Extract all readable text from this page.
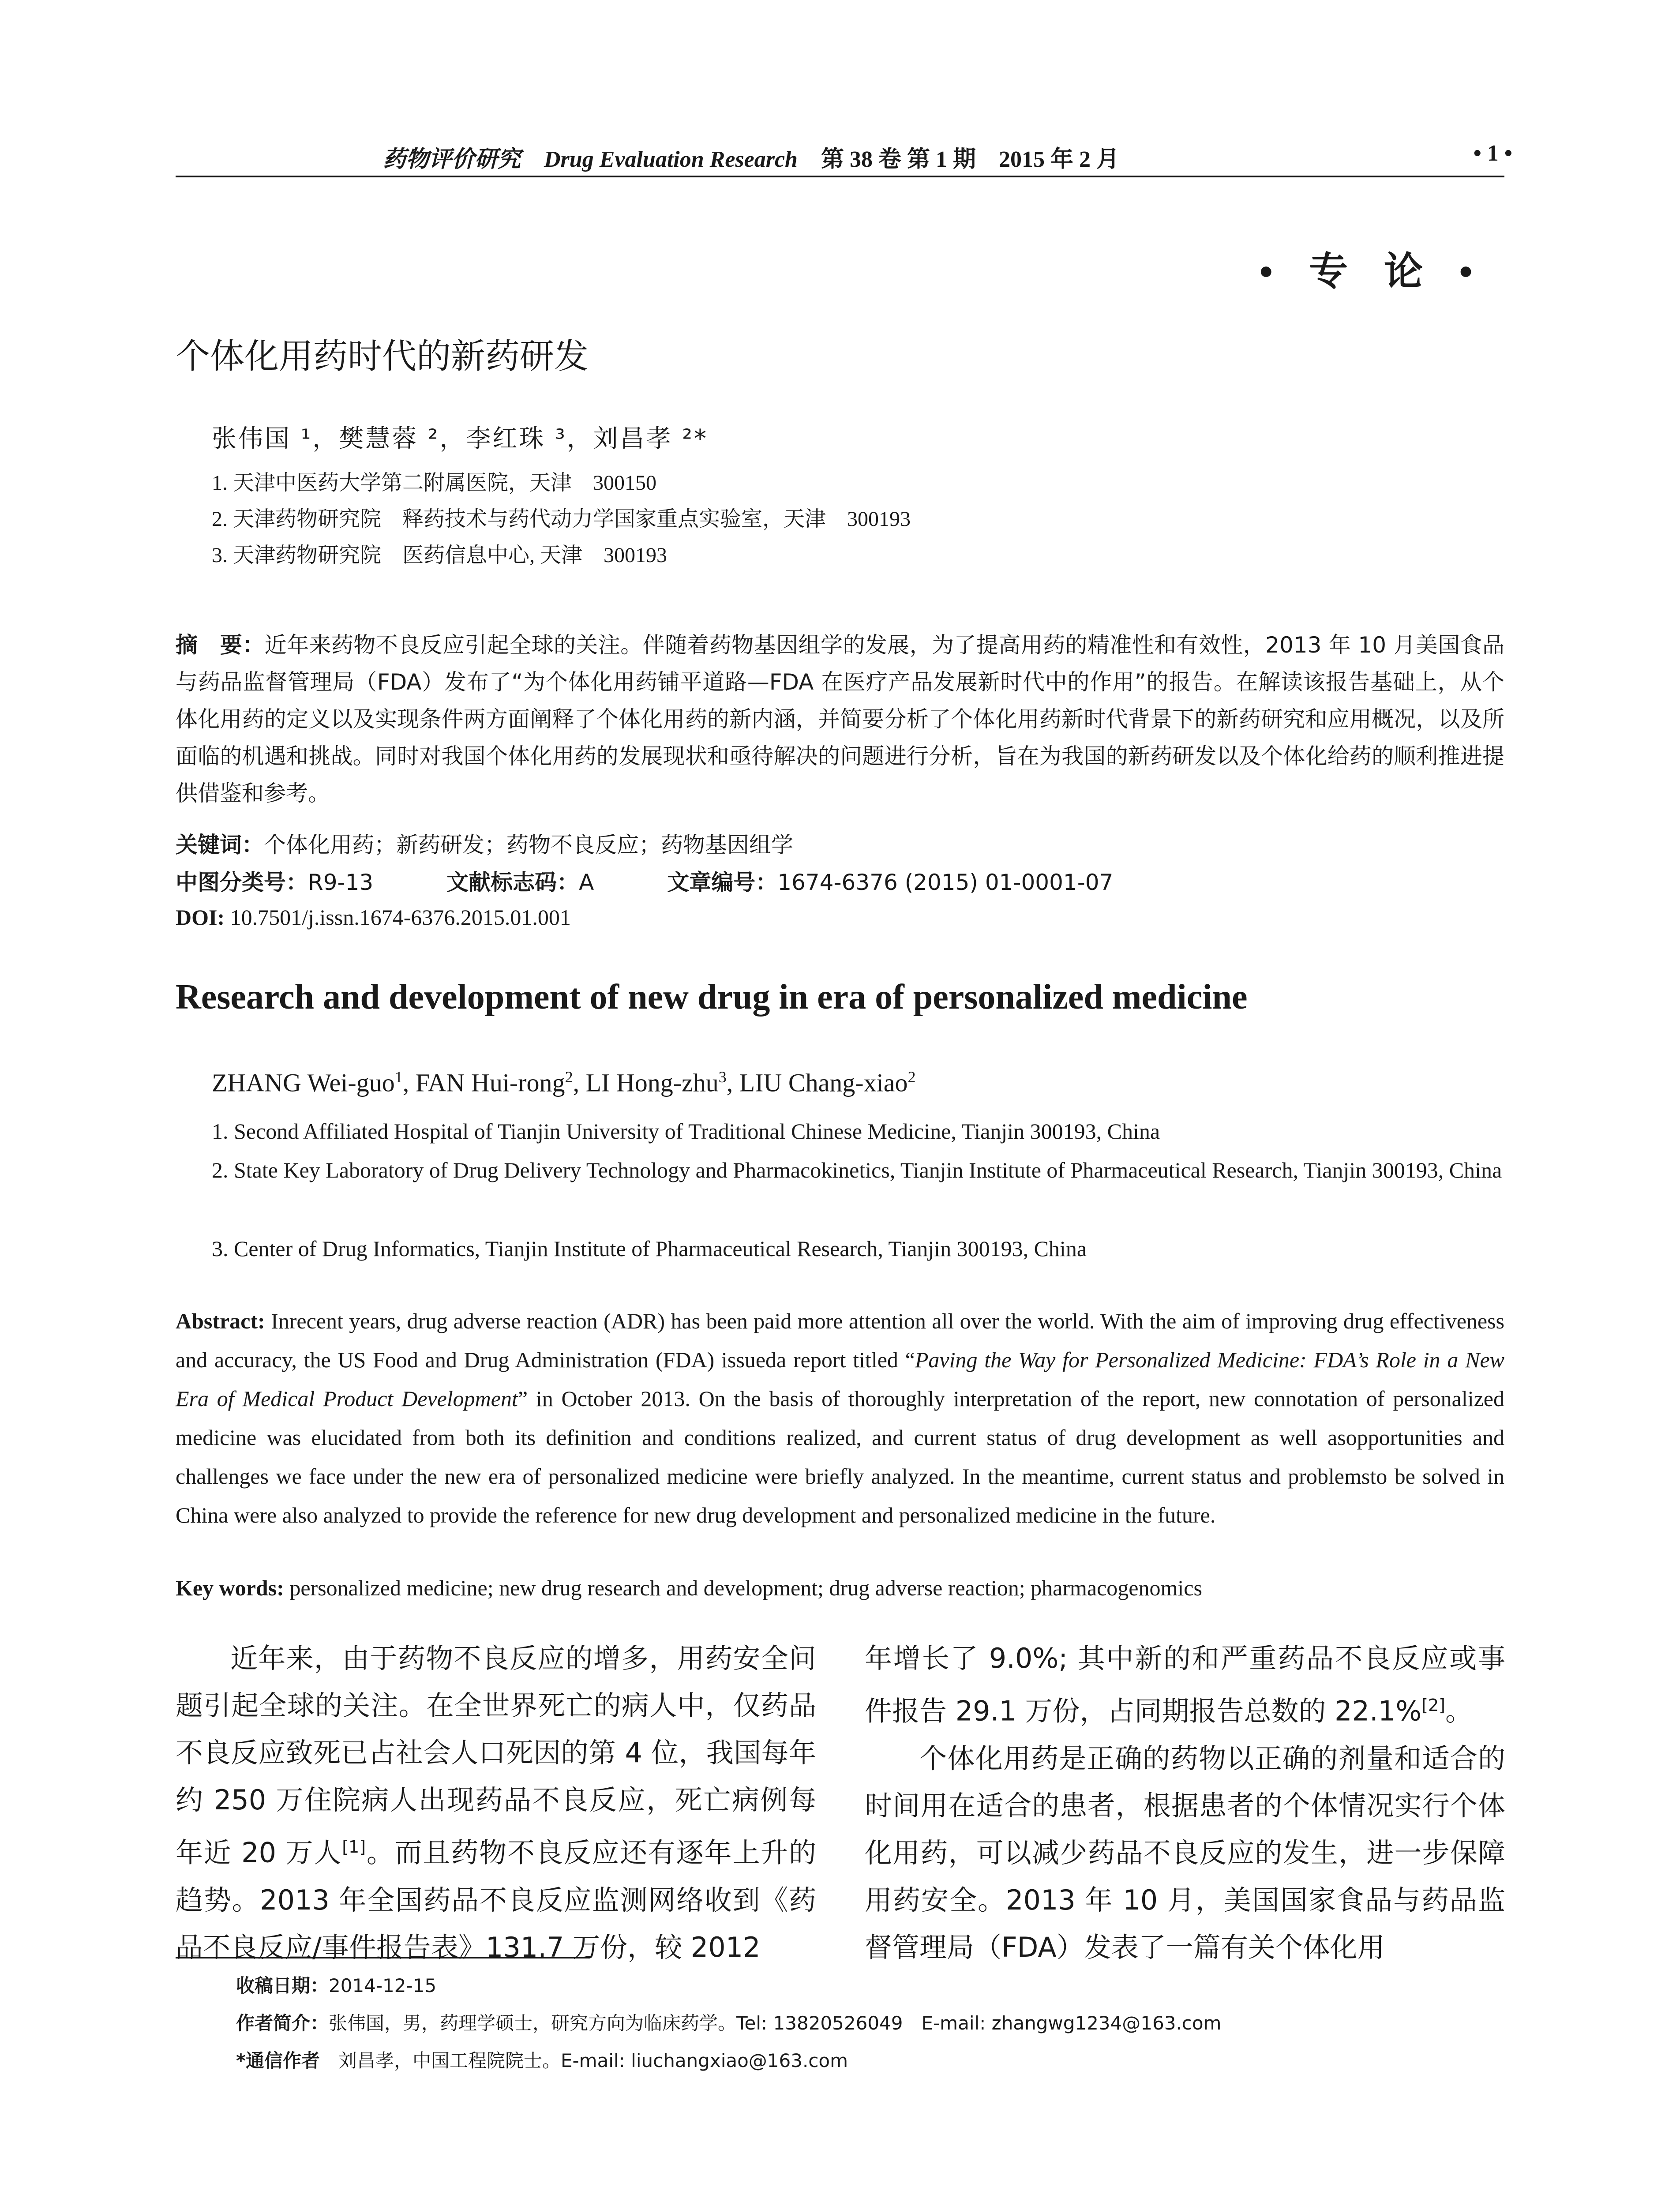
药物评价研究 Drug Evaluation Research 第 38 卷 第 1 期　2015 年 2 月	• 1 •
• 专 论 •
个体化用药时代的新药研发
张伟国 ¹，樊慧蓉 ²，李红珠 ³，刘昌孝 ²*
1. 天津中医药大学第二附属医院，天津　300150
2. 天津药物研究院　释药技术与药代动力学国家重点实验室，天津　300193
3. 天津药物研究院　医药信息中心, 天津　300193
摘　要：近年来药物不良反应引起全球的关注。伴随着药物基因组学的发展，为了提高用药的精准性和有效性，2013 年 10 月美国食品与药品监督管理局（FDA）发布了“为个体化用药铺平道路—FDA 在医疗产品发展新时代中的作用”的报告。在解读该报告基础上，从个体化用药的定义以及实现条件两方面阐释了个体化用药的新内涵，并简要分析了个体化用药新时代背景下的新药研究和应用概况，以及所面临的机遇和挑战。同时对我国个体化用药的发展现状和亟待解决的问题进行分析，旨在为我国的新药研发以及个体化给药的顺利推进提供借鉴和参考。
关键词：个体化用药；新药研发；药物不良反应；药物基因组学
中图分类号：R9-13	文献标志码：A	文章编号：1674-6376 (2015) 01-0001-07
DOI: 10.7501/j.issn.1674-6376.2015.01.001
Research and development of new drug in era of personalized medicine
ZHANG Wei-guo$^1$, FAN Hui-rong$^2$, LI Hong-zhu$^3$, LIU Chang-xiao$^2$
1. Second Affiliated Hospital of Tianjin University of Traditional Chinese Medicine, Tianjin 300193, China
2. State Key Laboratory of Drug Delivery Technology and Pharmacokinetics, Tianjin Institute of Pharmaceutical Research, Tianjin 300193, China
3. Center of Drug Informatics, Tianjin Institute of Pharmaceutical Research, Tianjin 300193, China
Abstract: Inrecent years, drug adverse reaction (ADR) has been paid more attention all over the world. With the aim of improving drug effectiveness and accuracy, the US Food and Drug Administration (FDA) issueda report titled “Paving the Way for Personalized Medicine: FDA’s Role in a New Era of Medical Product Development” in October 2013. On the basis of thoroughly interpretation of the report, new connotation of personalized medicine was elucidated from both its definition and conditions realized, and current status of drug development as well asopportunities and challenges we face under the new era of personalized medicine were briefly analyzed. In the meantime, current status and problemsto be solved in China were also analyzed to provide the reference for new drug development and personalized medicine in the future.
Key words: personalized medicine; new drug research and development; drug adverse reaction; pharmacogenomics
近年来，由于药物不良反应的增多，用药安全问题引起全球的关注。在全世界死亡的病人中，仅药品不良反应致死已占社会人口死因的第 4 位，我国每年约 250 万住院病人出现药品不良反应，死亡病例每年近 20 万人[1]。而且药物不良反应还有逐年上升的趋势。2013 年全国药品不良反应监测网络收到《药品不良反应/事件报告表》131.7 万份，较 2012
年增长了 9.0%; 其中新的和严重药品不良反应或事件报告 29.1 万份，占同期报告总数的 22.1%[2]。
个体化用药是正确的药物以正确的剂量和适合的时间用在适合的患者，根据患者的个体情况实行个体化用药，可以减少药品不良反应的发生，进一步保障用药安全。2013 年 10 月，美国国家食品与药品监督管理局（FDA）发表了一篇有关个体化用
收稿日期：2014-12-15
作者简介：张伟国，男，药理学硕士，研究方向为临床药学。Tel: 13820526049　E-mail: zhangwg1234@163.com
*通信作者　刘昌孝，中国工程院院士。E-mail: liuchangxiao@163.com
